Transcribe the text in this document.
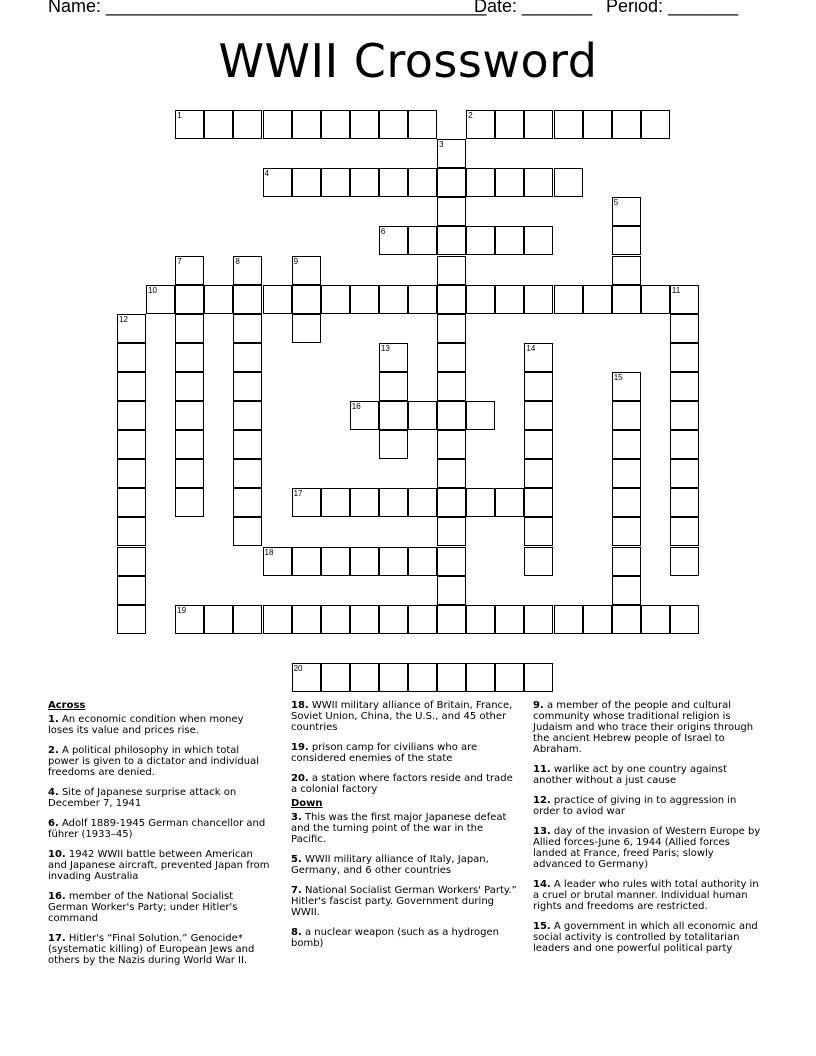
Name: ______________________________________
Date: _______ Period: _______
WWII Crossword
1	2
3
4
5
6
7	8	9
10	11
12
13	14
15
16
17
18
19
20
Across
1. An economic condition when money loses its value and prices rise.
2. A political philosophy in which total power is given to a dictator and individual freedoms are denied.
4. Site of Japanese surprise attack on December 7, 1941
6. Adolf 1889-1945 German chancellor and führer (1933–45)
10. 1942 WWII battle between American and Japanese aircraft, prevented Japan from invading Australia
16. member of the National Socialist German Worker's Party; under Hitler's command
17. Hitler's “Final Solution.” Genocide* (systematic killing) of European Jews and others by the Nazis during World War II.
18. WWII military alliance of Britain, France, Soviet Union, China, the U.S., and 45 other countries
19. prison camp for civilians who are considered enemies of the state
20. a station where factors reside and trade a colonial factory
Down
3. This was the first major Japanese defeat and the turning point of the war in the Pacific.
5. WWII military alliance of Italy, Japan, Germany, and 6 other countries
7. National Socialist German Workers' Party.” Hitler's fascist party. Government during WWII.
8. a nuclear weapon (such as a hydrogen bomb)
9. a member of the people and cultural community whose traditional religion is Judaism and who trace their origins through the ancient Hebrew people of Israel to Abraham.
11. warlike act by one country against another without a just cause
12. practice of giving in to aggression in order to aviod war
13. day of the invasion of Western Europe by Allied forces-June 6, 1944 (Allied forces landed at France, freed Paris; slowly advanced to Germany)
14. A leader who rules with total authority in a cruel or brutal manner. Individual human rights and freedoms are restricted.
15. A government in which all economic and social activity is controlled by totalitarian leaders and one powerful political party
